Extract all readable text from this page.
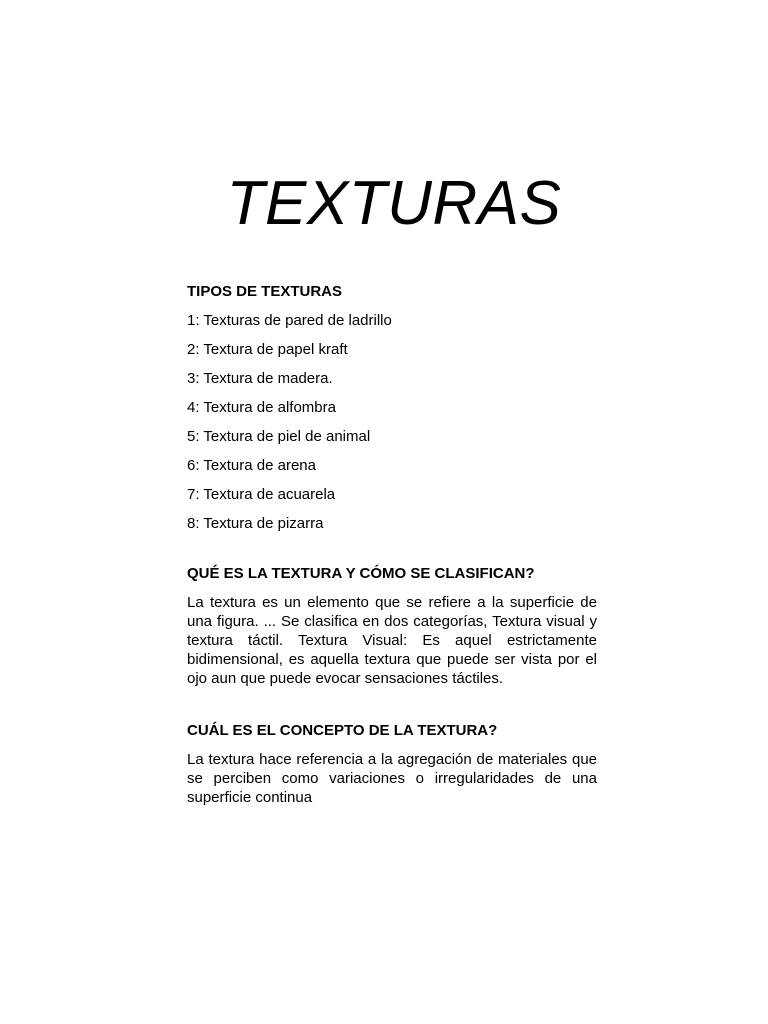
TEXTURAS
TIPOS DE TEXTURAS
1: Texturas de pared de ladrillo
2: Textura de papel kraft
3: Textura de madera.
4: Textura de alfombra
5: Textura de piel de animal
6: Textura de arena
7: Textura de acuarela
8: Textura de pizarra
QUÉ ES LA TEXTURA Y CÓMO SE CLASIFICAN?

La textura es un elemento que se refiere a la superficie de una figura. ... Se clasifica en dos categorías, Textura visual y textura táctil. Textura Visual: Es aquel estrictamente bidimensional, es aquella textura que puede ser vista por el ojo aun que puede evocar sensaciones táctiles.

CUÁL ES EL CONCEPTO DE LA TEXTURA?

La textura hace referencia a la agregación de materiales que se perciben como variaciones o irregularidades de una superficie continua
